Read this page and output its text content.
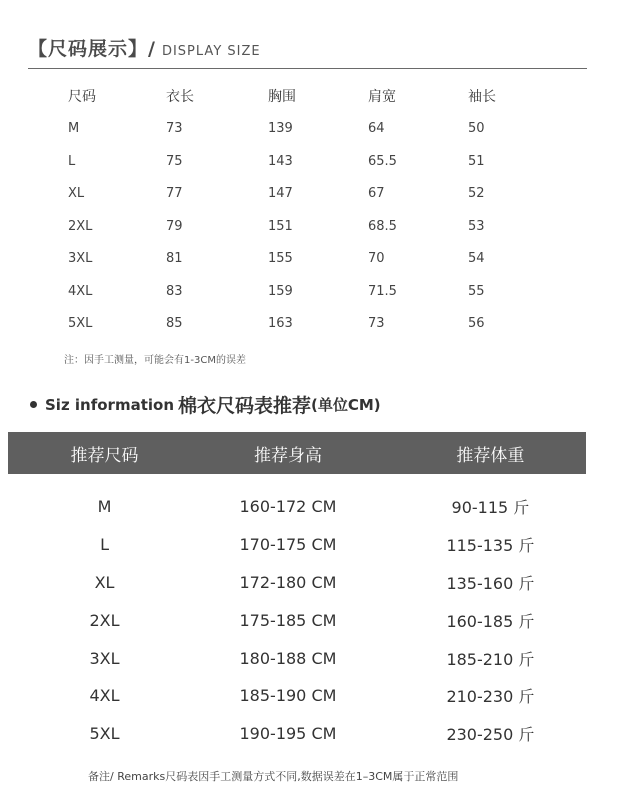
【尺码展示】/ DISPLAY SIZE
尺码	衣长	胸围	肩宽	袖长
M	73	139	64	50
L	75	143	65.5	51
XL	77	147	67	52
2XL	79	151	68.5	53
3XL	81	155	70	54
4XL	83	159	71.5	55
5XL	85	163	73	56
注：因手工测量，可能会有1-3CM的误差
Siz information 棉衣尺码表推荐 (单位CM)
推荐尺码	推荐身高	推荐体重
M	160-172 CM	90-115 斤
L	170-175 CM	115-135 斤
XL	172-180 CM	135-160 斤
2XL	175-185 CM	160-185 斤
3XL	180-188 CM	185-210 斤
4XL	185-190 CM	210-230 斤
5XL	190-195 CM	230-250 斤
备注/ Remarks尺码表因手工测量方式不同,数据误差在1–3CM属于正常范围
